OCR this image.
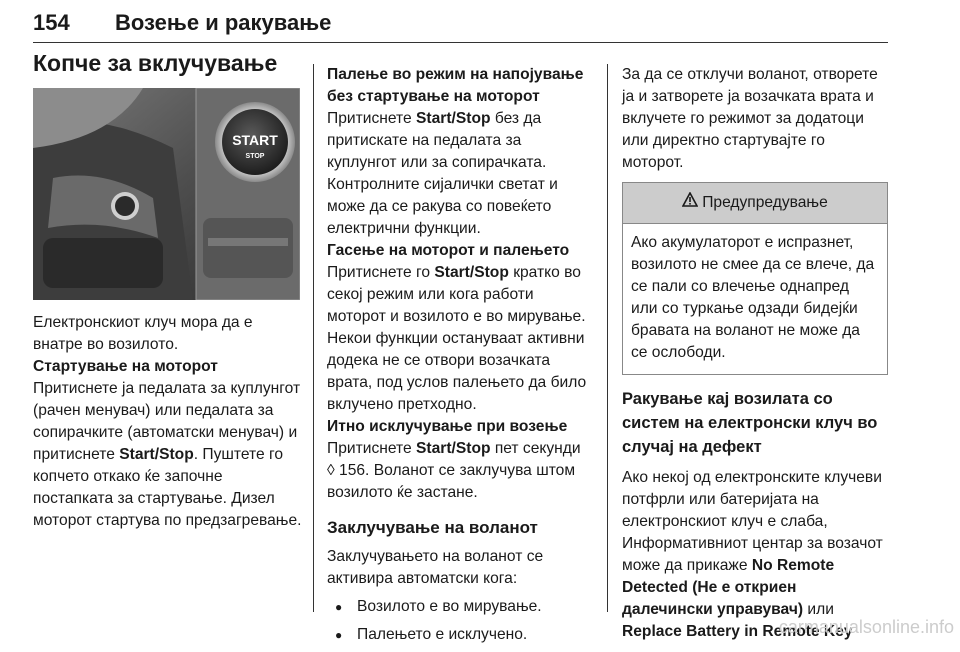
154 Возење и ракување
Копче за вклучување
START
STOP

Електронскиот клуч мора да е внатре во возилото.

Стартување на моторот

Притиснете ја педалата за куплунгот (рачен менувач) или педалата за сопирачките (автоматски менувач) и притиснете Start/Stop. Пуштете го копчето откако ќе започне постапката за стартување. Дизел моторот стартува по предзагревање.

Палење во режим на напојување без стартување на моторот

Притиснете Start/Stop без да притискате на педалата за куплунгот или за сопирачката. Контролните сијалички светат и може да се ракува со повеќето електрични функции.

Гасење на моторот и палењето

Притиснете го Start/Stop кратко во секој режим или кога работи моторот и возилото е во мирување. Некои функции остануваат активни додека не се отвори возачката врата, под услов палењето да било вклучено претходно.

Итно исклучување при возење

Притиснете Start/Stop пет секунди
◊ 156. Воланот се заклучува штом возилото ќе застане.

Заклучување на воланот

Заклучувањето на воланот се активира автоматски кога:

● Возилото е во мирување.
● Палењето е исклучено.

За да се отклучи воланот, отворете ја и затворете ја возачката врата и вклучете го режимот за додатоци или директно стартувајте го моторот.

Предупредување
Ако акумулаторот е испразнет, возилото не смее да се влече, да се пали со влечење однапред или со туркање одзади бидејќи бравата на воланот не може да се ослободи.
Ракување кај возилата со систем на електронски клуч во случај на дефект

Ако некој од електронските клучеви потфрли или батеријата на електронскиот клуч е слаба, Информативниот центар за возачот може да прикаже No Remote Detected (Не е откриен далечински управувач) или Replace Battery in Remote Key

carmanualsonline.info
